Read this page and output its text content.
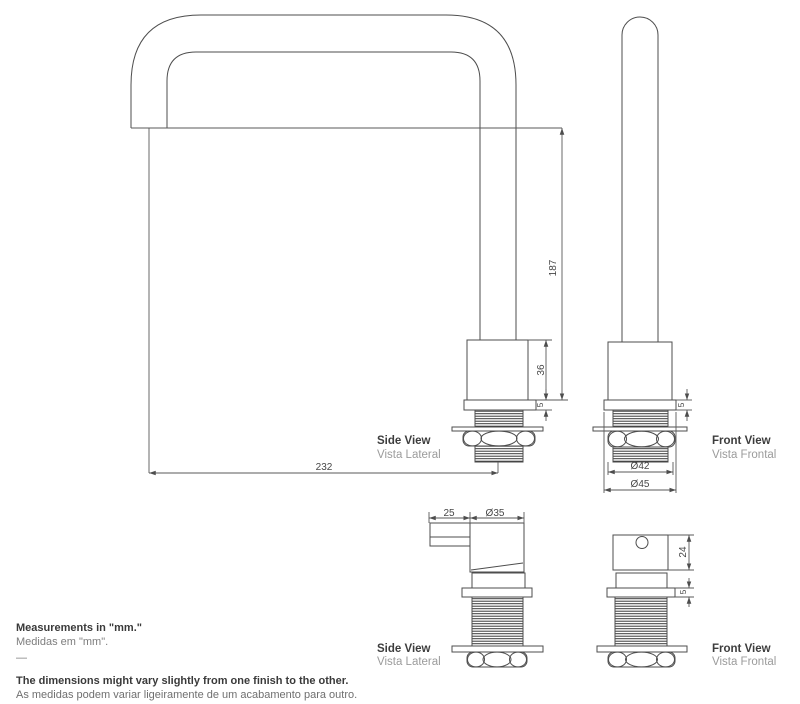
187
36
5
232
5
Ø42
Ø45
25	Ø35
24
5
Side View
Vista Lateral
Front View
Vista Frontal
Side View
Vista Lateral
Front View
Vista Frontal
Measurements in "mm."
Medidas em "mm".
—
The dimensions might vary slightly from one finish to the other.
As medidas podem variar ligeiramente de um acabamento para outro.
